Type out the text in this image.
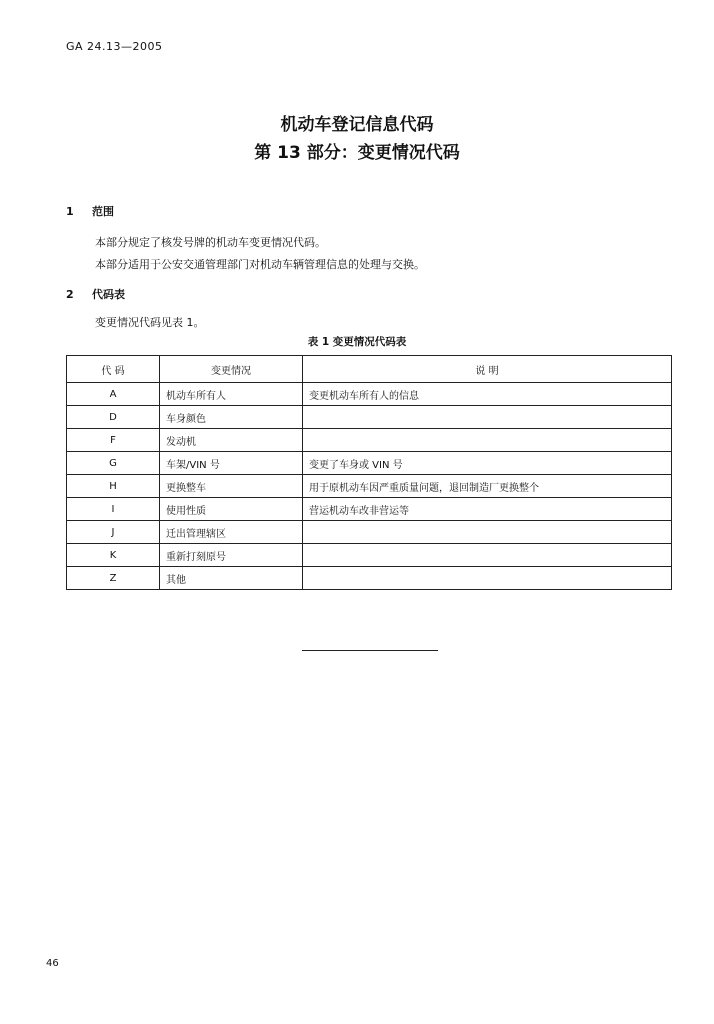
GA 24.13—2005
机动车登记信息代码
第 13 部分：变更情况代码
1 范围
本部分规定了核发号牌的机动车变更情况代码。
本部分适用于公安交通管理部门对机动车辆管理信息的处理与交换。
2 代码表
变更情况代码见表 1。
表 1 变更情况代码表
代 码	变更情况	说 明
A	机动车所有人	变更机动车所有人的信息
D	车身颜色	
F	发动机	
G	车架/VIN 号	变更了车身或 VIN 号
H	更换整车	用于原机动车因严重质量问题，退回制造厂更换整个
I	使用性质	营运机动车改非营运等
J	迁出管理辖区	
K	重新打刻原号	
Z	其他	
46
